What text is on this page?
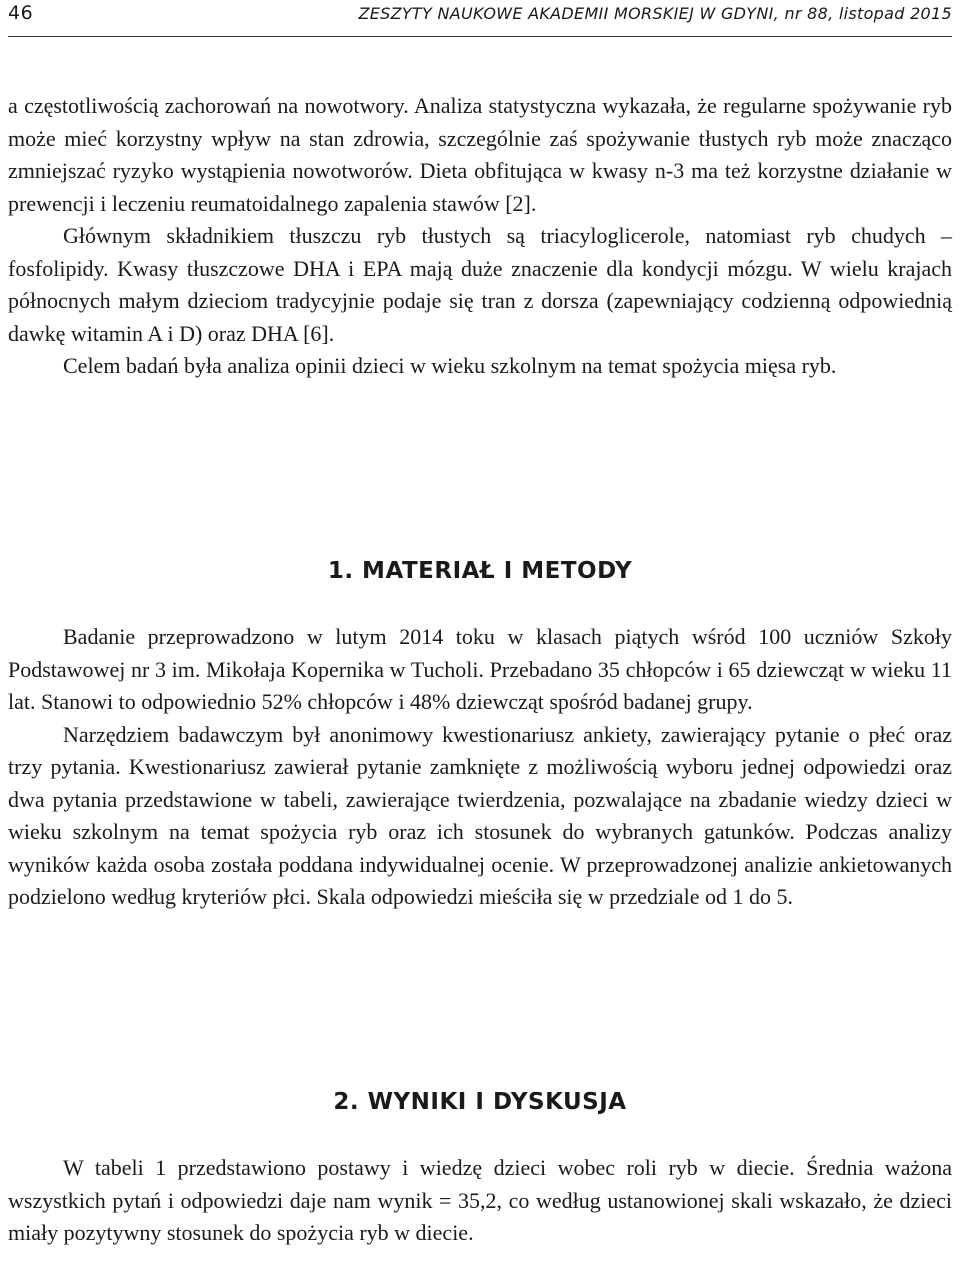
46	ZESZYTY NAUKOWE AKADEMII MORSKIEJ W GDYNI, nr 88, listopad 2015

a częstotliwością zachorowań na nowotwory. Analiza statystyczna wykazała, że regularne spożywanie ryb może mieć korzystny wpływ na stan zdrowia, szczególnie zaś spożywanie tłustych ryb może znacząco zmniejszać ryzyko wystąpienia nowotworów. Dieta obfitująca w kwasy n-3 ma też korzystne działanie w prewencji i leczeniu reumatoidalnego zapalenia stawów [2].

Głównym składnikiem tłuszczu ryb tłustych są triacyloglicerole, natomiast ryb chudych – fosfolipidy. Kwasy tłuszczowe DHA i EPA mają duże znaczenie dla kondycji mózgu. W wielu krajach północnych małym dzieciom tradycyjnie podaje się tran z dorsza (zapewniający codzienną odpowiednią dawkę witamin A i D) oraz DHA [6].

Celem badań była analiza opinii dzieci w wieku szkolnym na temat spożycia mięsa ryb.

1. MATERIAŁ I METODY

Badanie przeprowadzono w lutym 2014 toku w klasach piątych wśród 100 uczniów Szkoły Podstawowej nr 3 im. Mikołaja Kopernika w Tucholi. Przebadano 35 chłopców i 65 dziewcząt w wieku 11 lat. Stanowi to odpowiednio 52% chłopców i 48% dziewcząt spośród badanej grupy.

Narzędziem badawczym był anonimowy kwestionariusz ankiety, zawierający pytanie o płeć oraz trzy pytania. Kwestionariusz zawierał pytanie zamknięte z możliwością wyboru jednej odpowiedzi oraz dwa pytania przedstawione w tabeli, zawierające twierdzenia, pozwalające na zbadanie wiedzy dzieci w wieku szkolnym na temat spożycia ryb oraz ich stosunek do wybranych gatunków. Podczas analizy wyników każda osoba została poddana indywidualnej ocenie. W przeprowadzonej analizie ankietowanych podzielono według kryteriów płci. Skala odpowiedzi mieściła się w przedziale od 1 do 5.

2. WYNIKI I DYSKUSJA

W tabeli 1 przedstawiono postawy i wiedzę dzieci wobec roli ryb w diecie. Średnia ważona wszystkich pytań i odpowiedzi daje nam wynik = 35,2, co według ustanowionej skali wskazało, że dzieci miały pozytywny stosunek do spożycia ryb w diecie.
